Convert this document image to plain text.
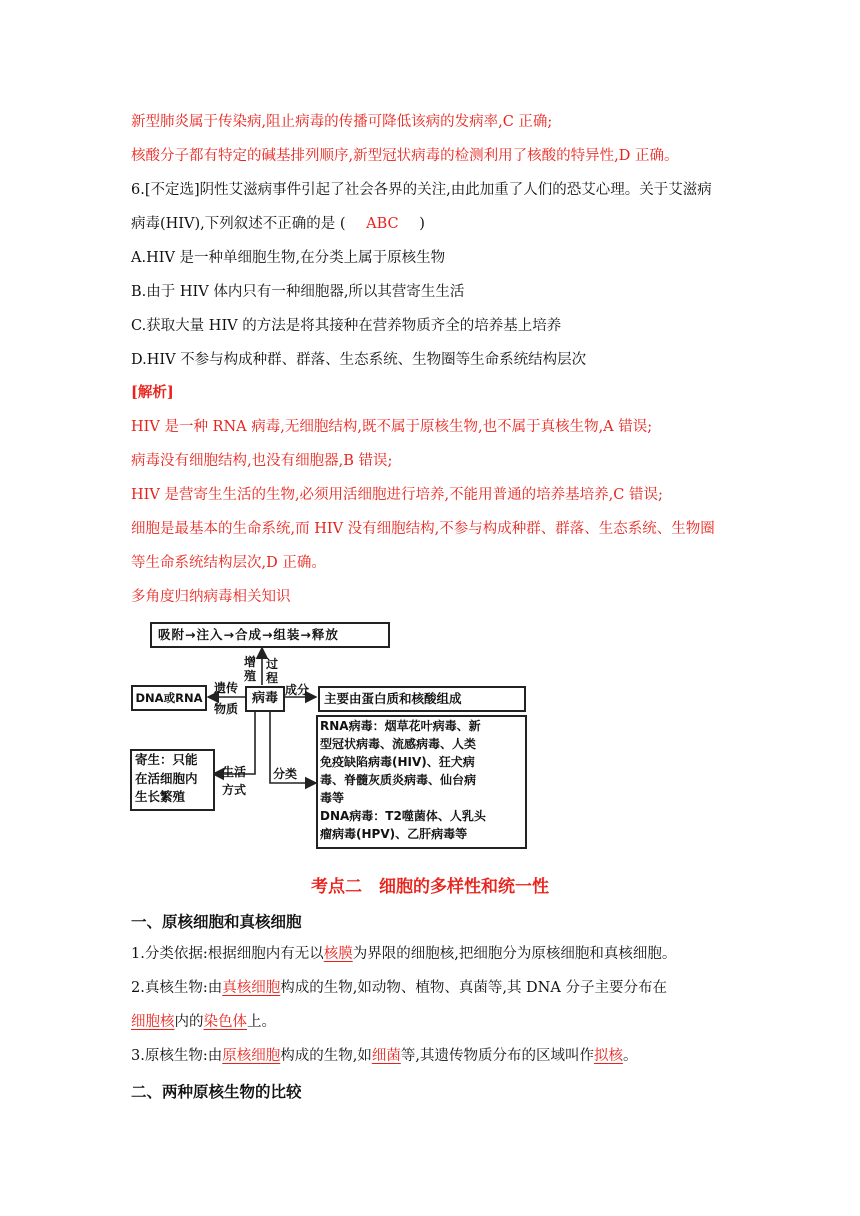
新型肺炎属于传染病,阻止病毒的传播可降低该病的发病率,C 正确;
核酸分子都有特定的碱基排列顺序,新型冠状病毒的检测利用了核酸的特异性,D 正确。
6.[不定选]阴性艾滋病事件引起了社会各界的关注,由此加重了人们的恐艾心理。关于艾滋病
病毒(HIV),下列叙述不正确的是 ( ABC )
A.HIV 是一种单细胞生物,在分类上属于原核生物
B.由于 HIV 体内只有一种细胞器,所以其营寄生生活
C.获取大量 HIV 的方法是将其接种在营养物质齐全的培养基上培养
D.HIV 不参与构成种群、群落、生态系统、生物圈等生命系统结构层次
[解析]
HIV 是一种 RNA 病毒,无细胞结构,既不属于原核生物,也不属于真核生物,A 错误;
病毒没有细胞结构,也没有细胞器,B 错误;
HIV 是营寄生生活的生物,必须用活细胞进行培养,不能用普通的培养基培养,C 错误;
细胞是最基本的生命系统,而 HIV 没有细胞结构,不参与构成种群、群落、生态系统、生物圈
等生命系统结构层次,D 正确。
多角度归纳病毒相关知识
吸附→注入→合成→组装→释放
病毒
DNA或RNA	主要由蛋白质和核酸组成
寄生：只能
在活细胞内
生长繁殖
RNA病毒：烟草花叶病毒、新
型冠状病毒、流感病毒、人类
免疫缺陷病毒(HIV)、狂犬病
毒、脊髓灰质炎病毒、仙台病
毒等
DNA病毒：T2噬菌体、人乳头
瘤病毒(HPV)、乙肝病毒等
增
殖
过
程
遗传
物质
成分
生活
方式
分类
考点二　细胞的多样性和统一性
一、原核细胞和真核细胞
1.分类依据:根据细胞内有无以核膜为界限的细胞核,把细胞分为原核细胞和真核细胞。
2.真核生物:由真核细胞构成的生物,如动物、植物、真菌等,其 DNA 分子主要分布在
细胞核内的染色体上。
3.原核生物:由原核细胞构成的生物,如细菌等,其遗传物质分布的区域叫作拟核。
二、两种原核生物的比较
